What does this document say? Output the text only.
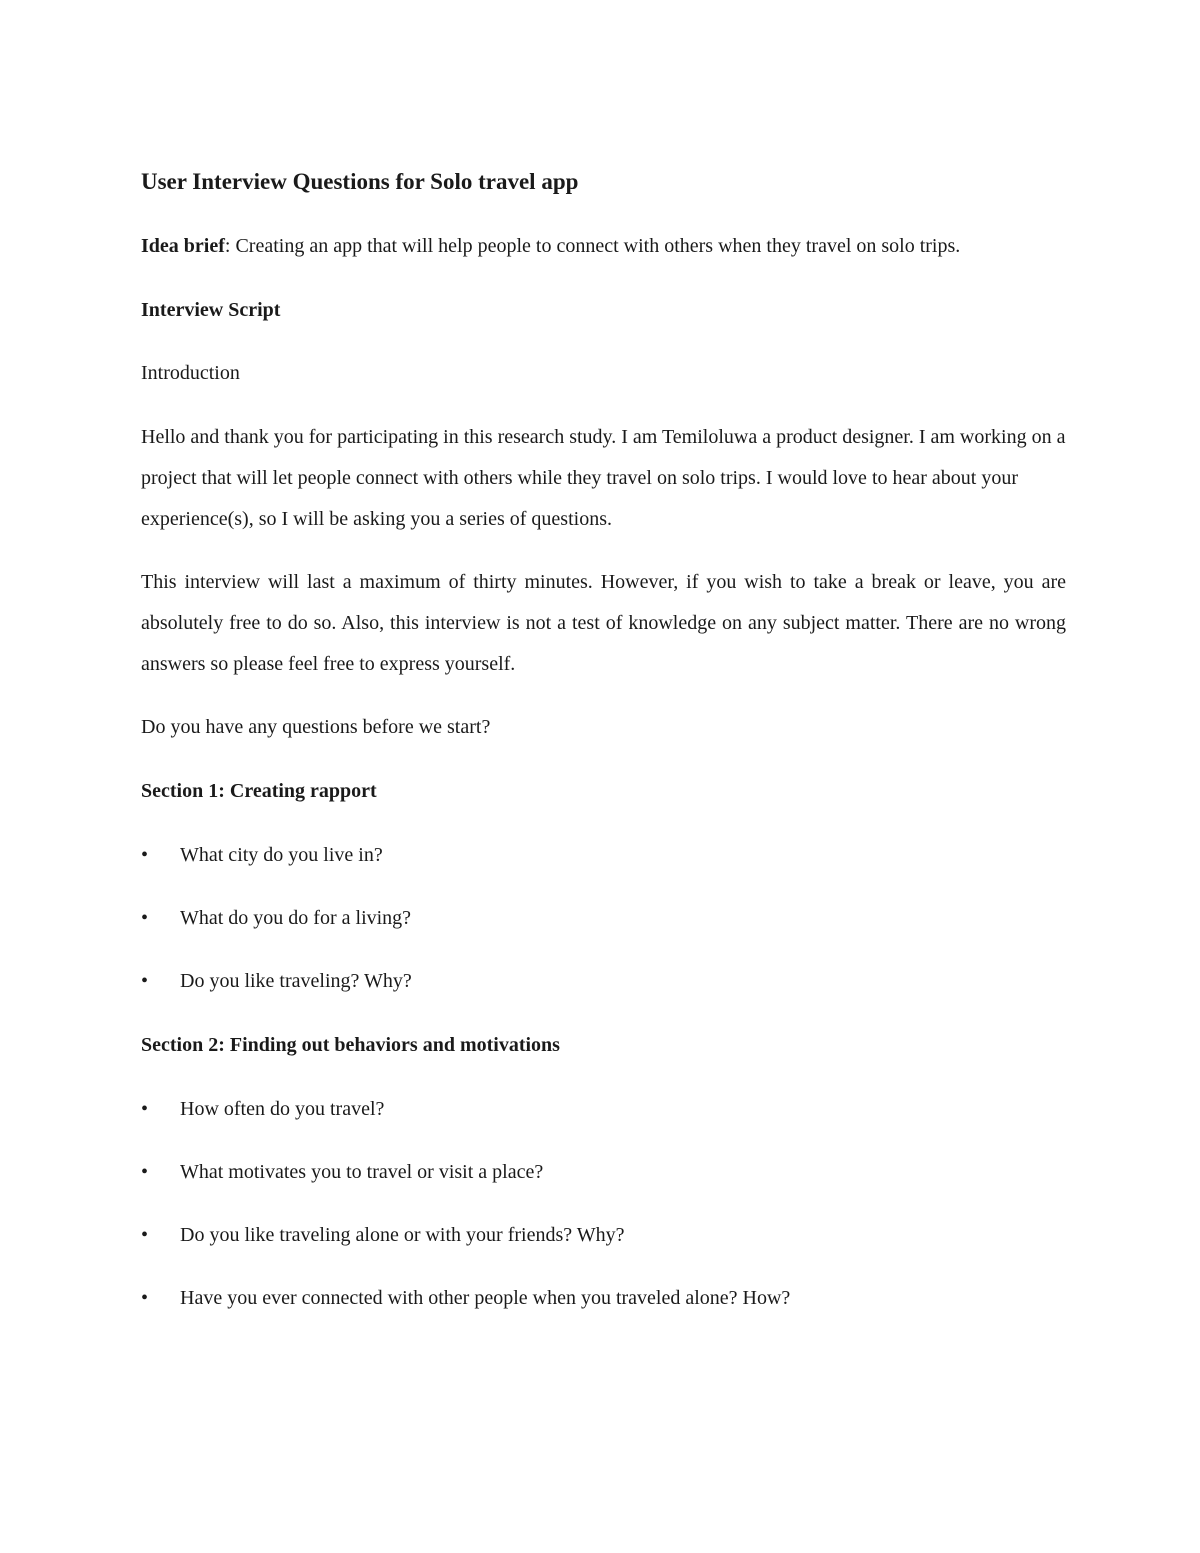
User Interview Questions for Solo travel app

Idea brief: Creating an app that will help people to connect with others when they travel on solo trips.

Interview Script

Introduction

Hello and thank you for participating in this research study. I am Temiloluwa a product designer. I am working on a project that will let people connect with others while they travel on solo trips. I would love to hear about your experience(s), so I will be asking you a series of questions.

This interview will last a maximum of thirty minutes. However, if you wish to take a break or leave, you are absolutely free to do so. Also, this interview is not a test of knowledge on any subject matter. There are no wrong answers so please feel free to express yourself.

Do you have any questions before we start?

Section 1: Creating rapport

• What city do you live in?
• What do you do for a living?
• Do you like traveling? Why?

Section 2: Finding out behaviors and motivations

• How often do you travel?
• What motivates you to travel or visit a place?
• Do you like traveling alone or with your friends? Why?
• Have you ever connected with other people when you traveled alone? How?
